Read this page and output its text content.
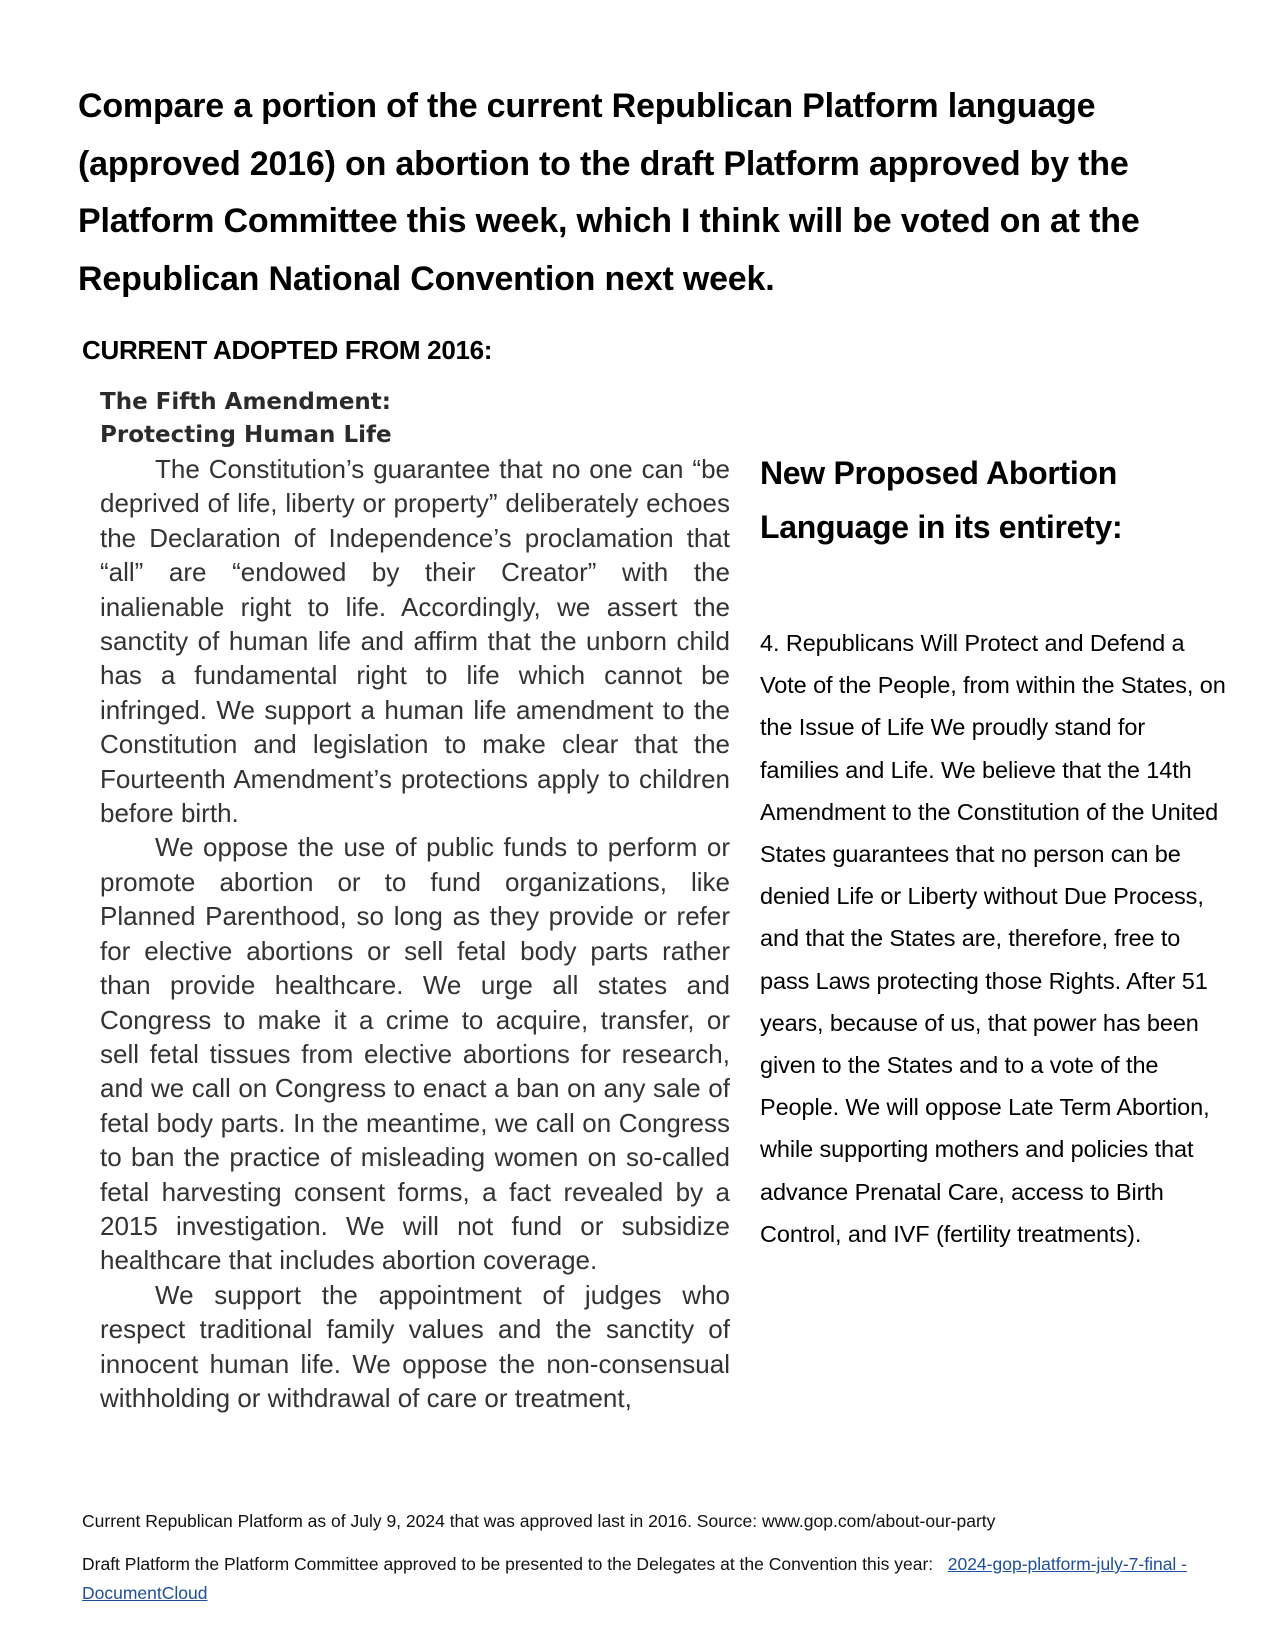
Compare a portion of the current Republican Platform language (approved 2016) on abortion to the draft Platform approved by the Platform Committee this week, which I think will be voted on at the Republican National Convention next week.
CURRENT ADOPTED FROM 2016:
The Fifth Amendment:
Protecting Human Life

The Constitution’s guarantee that no one can “be deprived of life, liberty or property” deliberately echoes the Declaration of Independence’s proclamation that “all” are “endowed by their Creator” with the inalienable right to life. Accordingly, we assert the sanctity of human life and affirm that the unborn child has a fundamental right to life which cannot be infringed. We support a human life amendment to the Constitution and legislation to make clear that the Fourteenth Amendment’s protections apply to children before birth.

We oppose the use of public funds to perform or promote abortion or to fund organizations, like Planned Parenthood, so long as they provide or refer for elective abortions or sell fetal body parts rather than provide healthcare. We urge all states and Congress to make it a crime to acquire, transfer, or sell fetal tissues from elective abortions for research, and we call on Congress to enact a ban on any sale of fetal body parts. In the meantime, we call on Congress to ban the practice of misleading women on so-called fetal harvesting consent forms, a fact revealed by a 2015 investigation. We will not fund or subsidize healthcare that includes abortion coverage.

We support the appointment of judges who respect traditional family values and the sanctity of innocent human life. We oppose the non-consensual withholding or withdrawal of care or treatment,

New Proposed Abortion Language in its entirety:

4. Republicans Will Protect and Defend a Vote of the People, from within the States, on the Issue of Life We proudly stand for families and Life. We believe that the 14th Amendment to the Constitution of the United States guarantees that no person can be denied Life or Liberty without Due Process, and that the States are, therefore, free to pass Laws protecting those Rights. After 51 years, because of us, that power has been given to the States and to a vote of the People. We will oppose Late Term Abortion, while supporting mothers and policies that advance Prenatal Care, access to Birth Control, and IVF (fertility treatments).

Current Republican Platform as of July 9, 2024 that was approved last in 2016. Source: www.gop.com/about-our-party

Draft Platform the Platform Committee approved to be presented to the Delegates at the Convention this year:   2024-gop-platform-july-7-final - DocumentCloud
